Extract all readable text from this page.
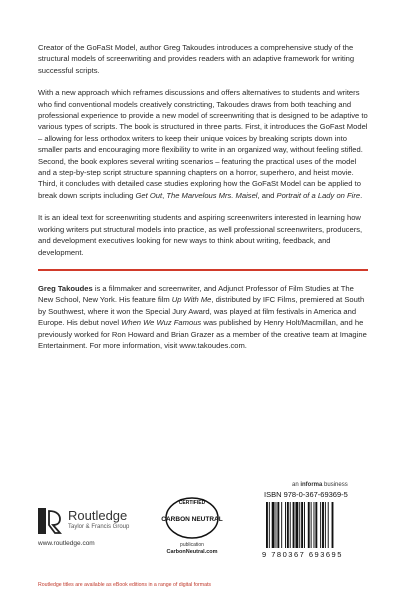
Creator of the GoFaSt Model, author Greg Takoudes introduces a comprehensive study of the structural models of screenwriting and provides readers with an adaptive framework for writing successful scripts.

With a new approach which reframes discussions and offers alternatives to students and writers who find conventional models creatively constricting, Takoudes draws from both teaching and professional experience to provide a new model of screenwriting that is designed to be adaptive to various types of scripts. The book is structured in three parts. First, it introduces the GoFast Model – allowing for less orthodox writers to keep their unique voices by breaking scripts down into smaller parts and encouraging more flexibility to write in an organized way, without feeling stifled. Second, the book explores several writing scenarios – featuring the practical uses of the model and a step-by-step script structure spanning chapters on a horror, superhero, and heist movie. Third, it concludes with detailed case studies exploring how the GoFaSt Model can be applied to break down scripts including Get Out, The Marvelous Mrs. Maisel, and Portrait of a Lady on Fire.

It is an ideal text for screenwriting students and aspiring screenwriters interested in learning how working writers put structural models into practice, as well professional screenwriters, producers, and development executives looking for new ways to think about writing, feedback, and development.

Greg Takoudes is a filmmaker and screenwriter, and Adjunct Professor of Film Studies at The New School, New York. His feature film Up With Me, distributed by IFC Films, premiered at South by Southwest, where it won the Special Jury Award, was played at film festivals in America and Europe. His debut novel When We Wuz Famous was published by Henry Holt/Macmillan, and he previously worked for Ron Howard and Brian Grazer as a member of the creative team at Imagine Entertainment. For more information, visit www.takoudes.com.

Routledge
Taylor & Francis Group
www.routledge.com
CERTIFIED
CARBON NEUTRAL
publication
CarbonNeutral.com
an informa business
ISBN 978-0-367-69369-5
9 780367 693695
Routledge titles are available as eBook editions in a range of digital formats
